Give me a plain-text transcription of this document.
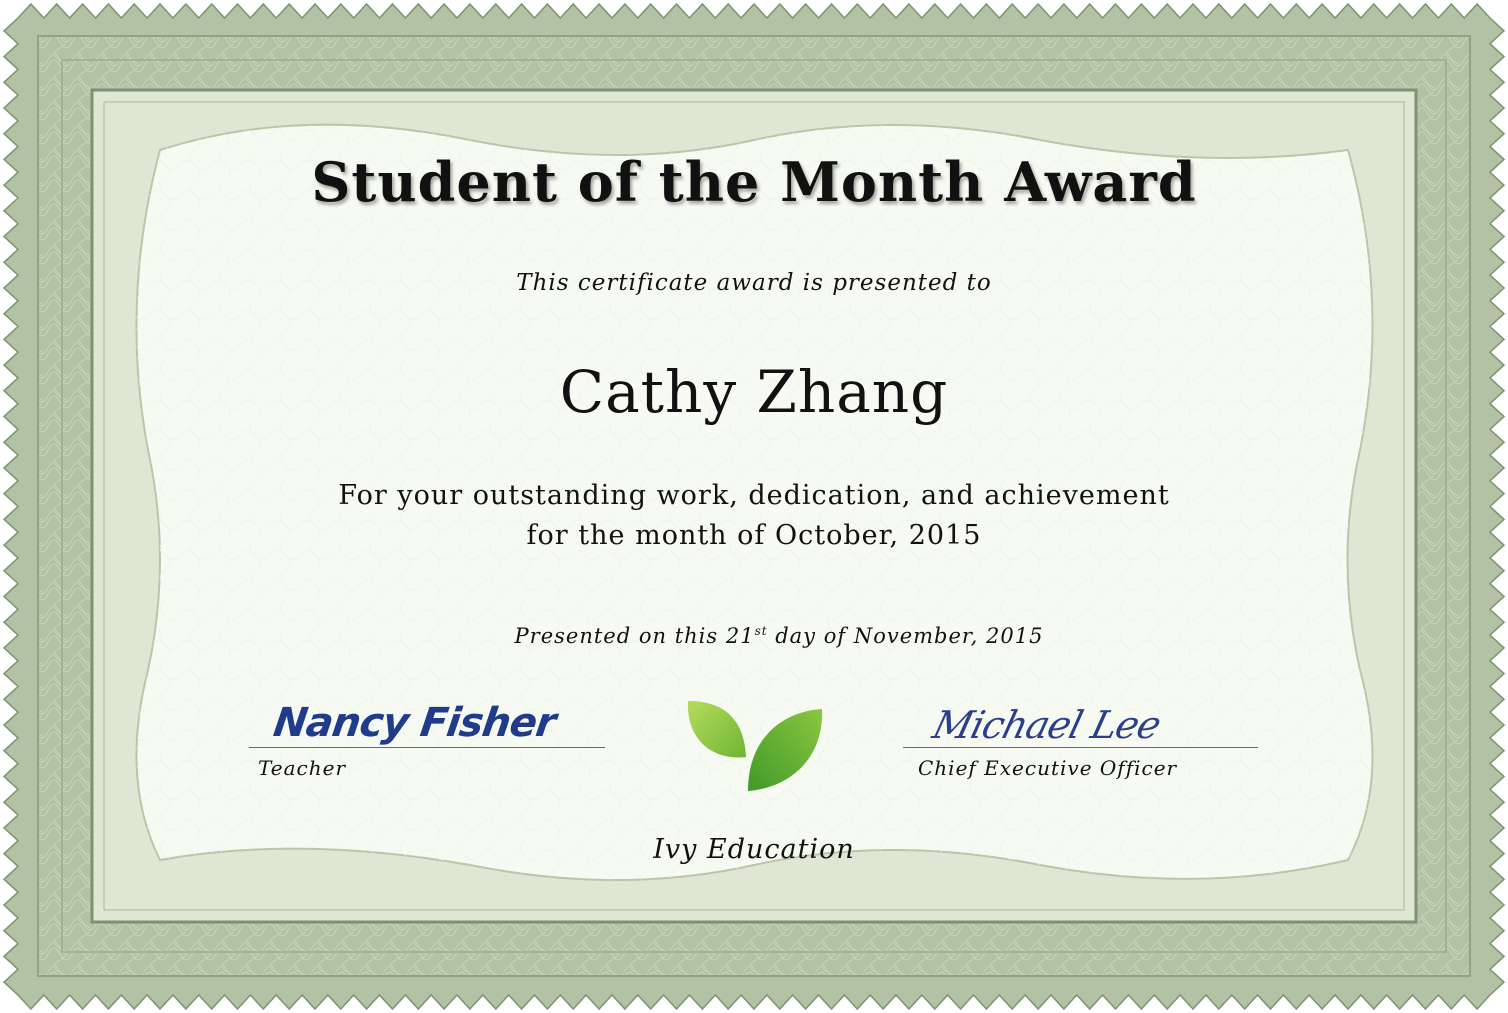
Student of the Month Award
This certificate award is presented to
Cathy Zhang
For your outstanding work, dedication, and achievement
for the month of October, 2015
Presented on this 21st day of November, 2015
Nancy Fisher
Teacher
Michael Lee
Chief Executive Officer
Ivy Education
